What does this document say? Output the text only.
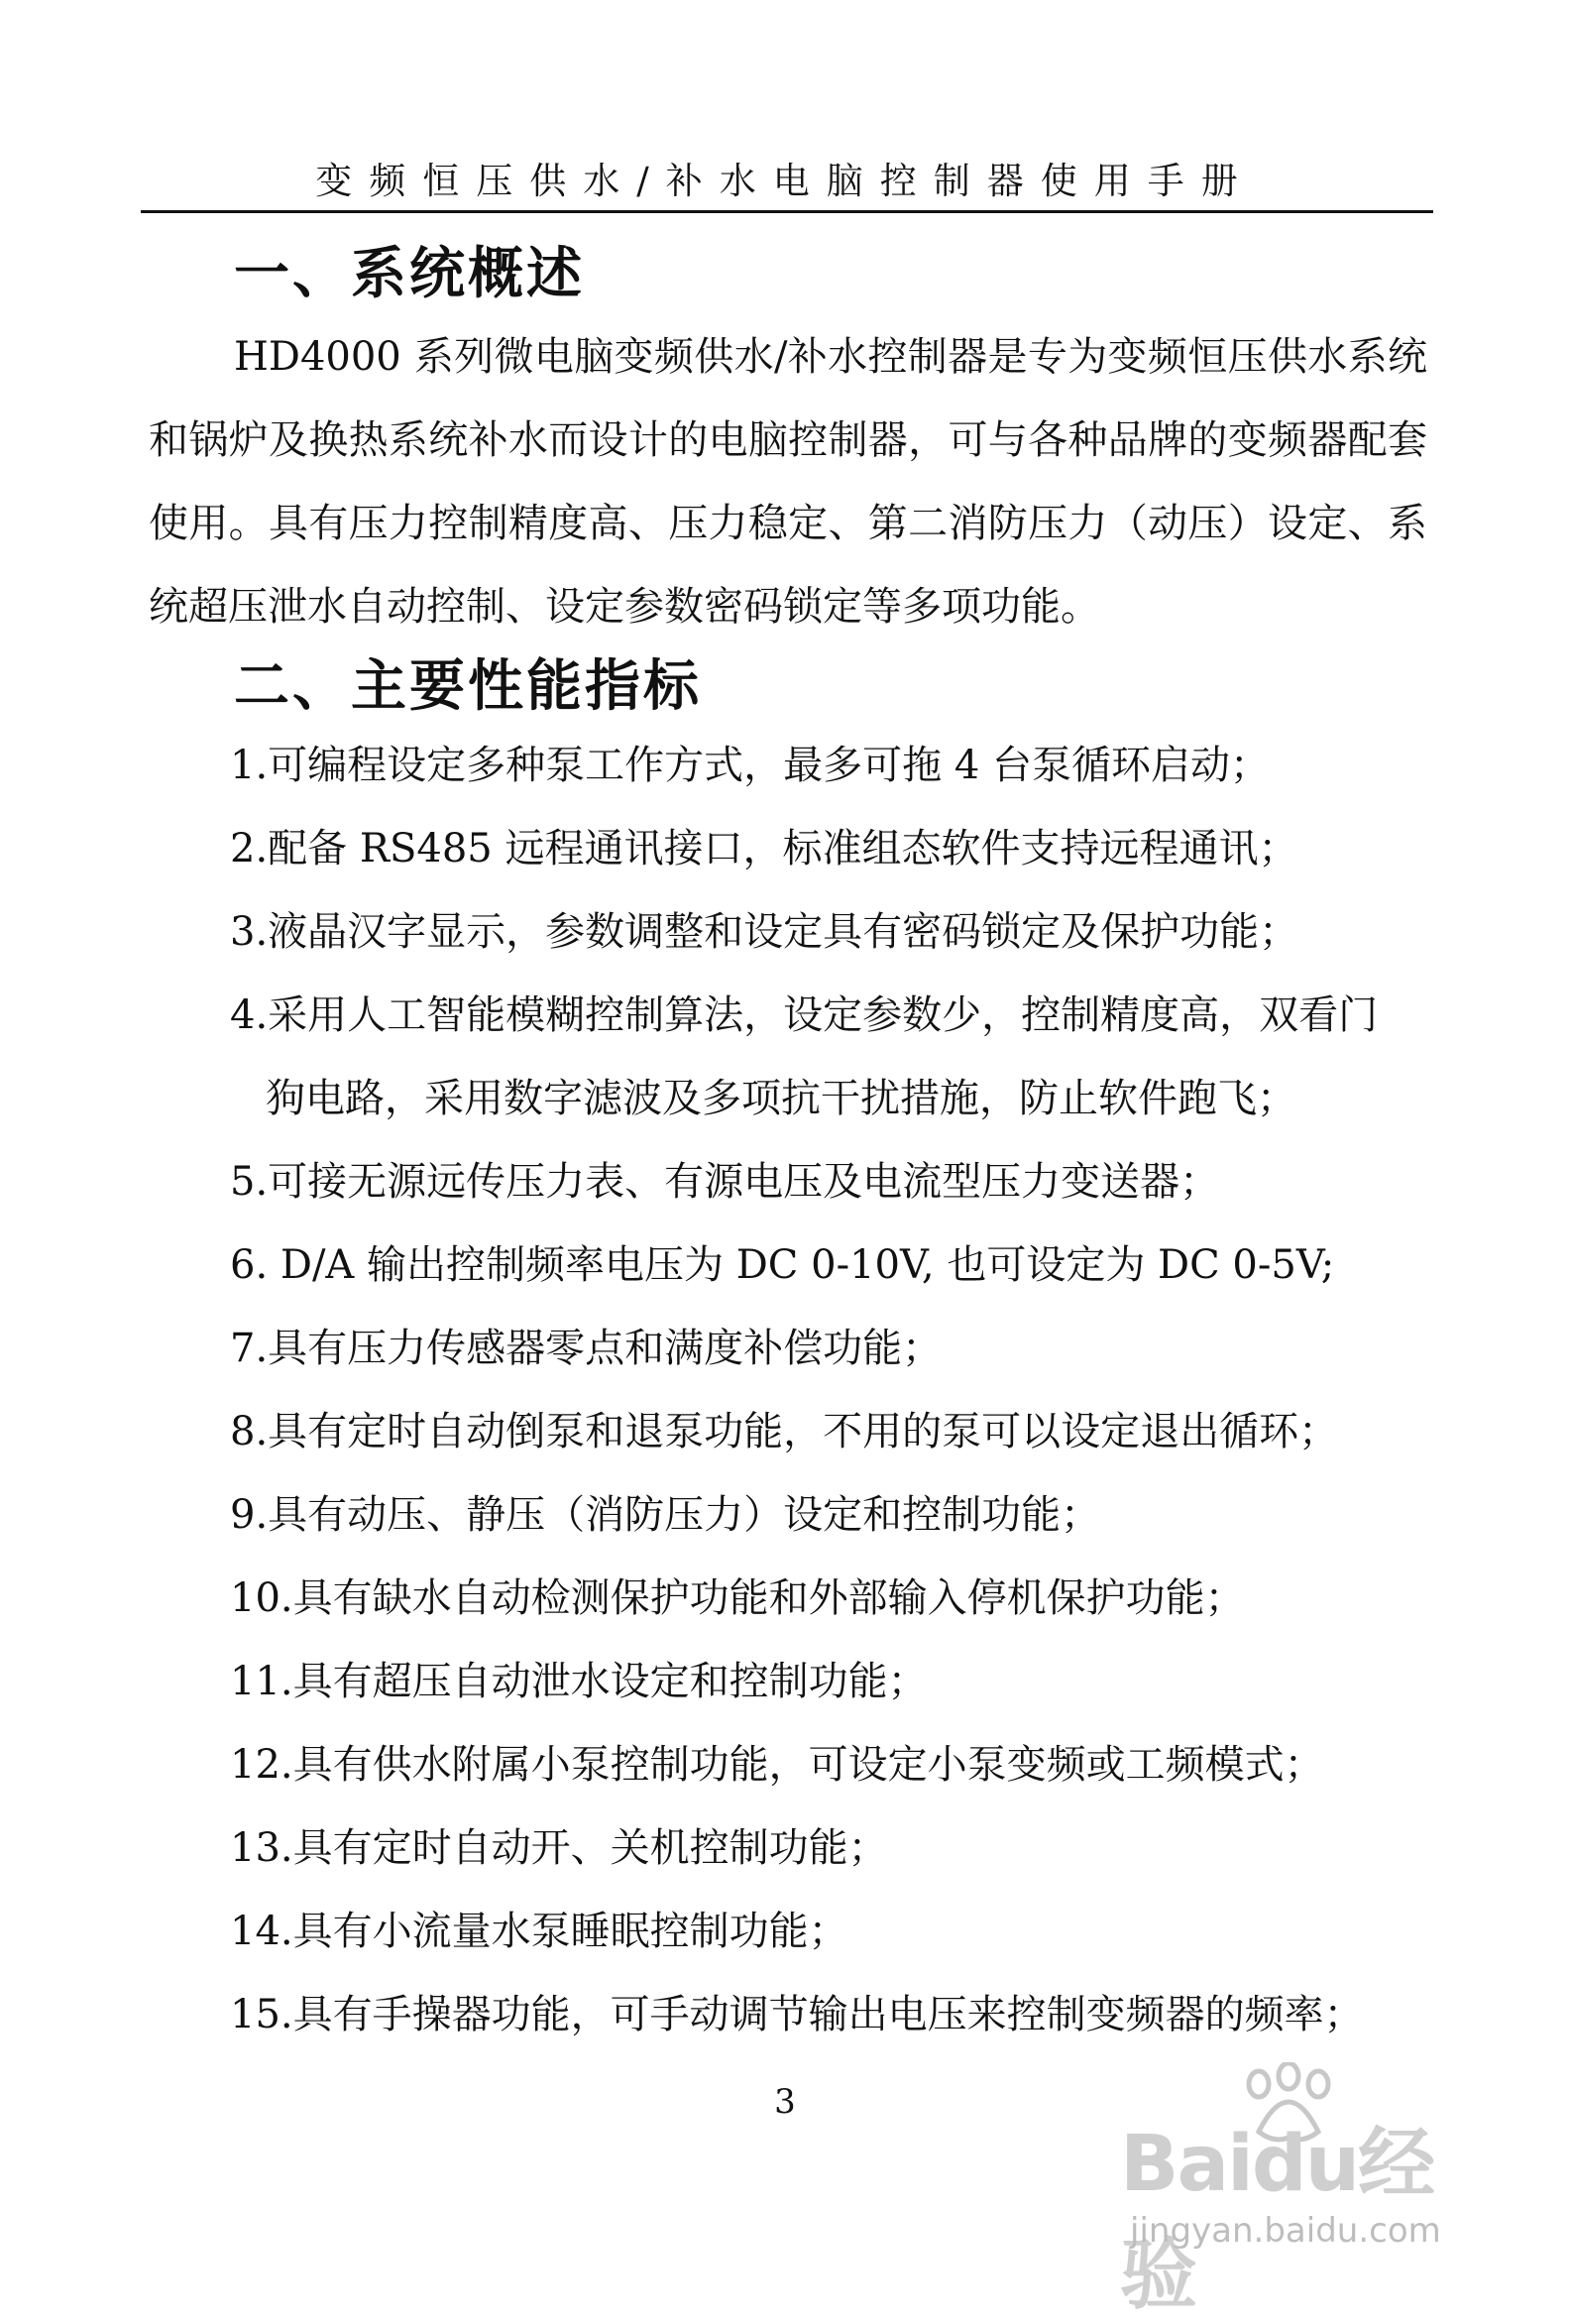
变频恒压供水/补水电脑控制器使用手册
一、系统概述

HD4000 系列微电脑变频供水/补水控制器是专为变频恒压供水系统和锅炉及换热系统补水而设计的电脑控制器，可与各种品牌的变频器配套使用。具有压力控制精度高、压力稳定、第二消防压力（动压）设定、系统超压泄水自动控制、设定参数密码锁定等多项功能。

二、主要性能指标
1.可编程设定多种泵工作方式，最多可拖 4 台泵循环启动；
2.配备 RS485 远程通讯接口，标准组态软件支持远程通讯；
3.液晶汉字显示，参数调整和设定具有密码锁定及保护功能；
4.采用人工智能模糊控制算法，设定参数少，控制精度高，双看门
狗电路，采用数字滤波及多项抗干扰措施，防止软件跑飞；
5.可接无源远传压力表、有源电压及电流型压力变送器；
6. D/A 输出控制频率电压为 DC 0-10V, 也可设定为 DC 0-5V;
7.具有压力传感器零点和满度补偿功能；
8.具有定时自动倒泵和退泵功能，不用的泵可以设定退出循环；
9.具有动压、静压（消防压力）设定和控制功能；
10.具有缺水自动检测保护功能和外部输入停机保护功能；
11.具有超压自动泄水设定和控制功能；
12.具有供水附属小泵控制功能，可设定小泵变频或工频模式；
13.具有定时自动开、关机控制功能；
14.具有小流量水泵睡眠控制功能；
15.具有手操器功能，可手动调节输出电压来控制变频器的频率；
3
Baidu经验
jingyan.baidu.com
